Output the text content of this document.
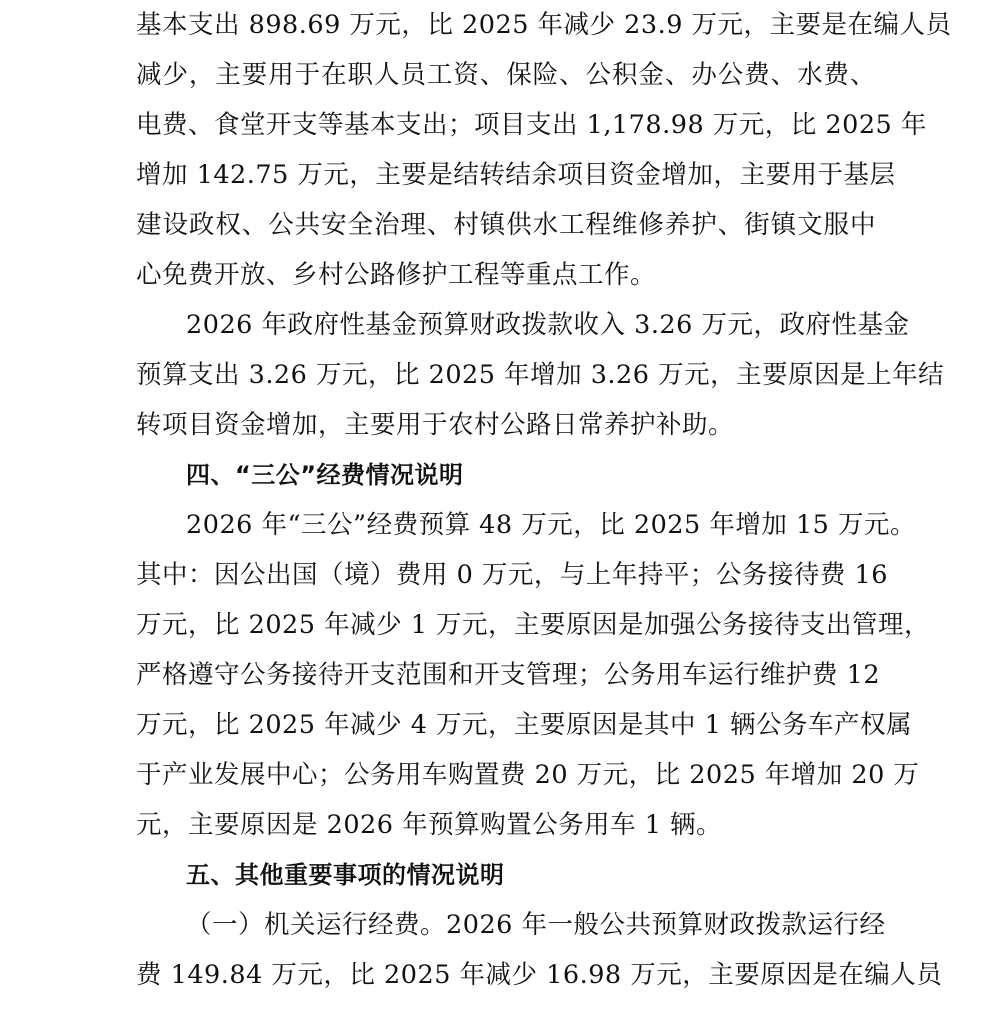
基本支出 898.69 万元，比 2025 年减少 23.9 万元，主要是在编人员
减少，主要用于在职人员工资、保险、公积金、办公费、水费、
电费、食堂开支等基本支出；项目支出 1,178.98 万元，比 2025 年
增加 142.75 万元，主要是结转结余项目资金增加，主要用于基层
建设政权、公共安全治理、村镇供水工程维修养护、街镇文服中
心免费开放、乡村公路修护工程等重点工作。
2026 年政府性基金预算财政拨款收入 3.26 万元，政府性基金
预算支出 3.26 万元，比 2025 年增加 3.26 万元，主要原因是上年结
转项目资金增加，主要用于农村公路日常养护补助。
四、“三公”经费情况说明
2026 年“三公”经费预算 48 万元，比 2025 年增加 15 万元。
其中：因公出国（境）费用 0 万元，与上年持平；公务接待费 16
万元，比 2025 年减少 1 万元，主要原因是加强公务接待支出管理，
严格遵守公务接待开支范围和开支管理；公务用车运行维护费 12
万元，比 2025 年减少 4 万元，主要原因是其中 1 辆公务车产权属
于产业发展中心；公务用车购置费 20 万元，比 2025 年增加 20 万
元，主要原因是 2026 年预算购置公务用车 1 辆。
五、其他重要事项的情况说明
（一）机关运行经费。2026 年一般公共预算财政拨款运行经
费 149.84 万元，比 2025 年减少 16.98 万元，主要原因是在编人员
